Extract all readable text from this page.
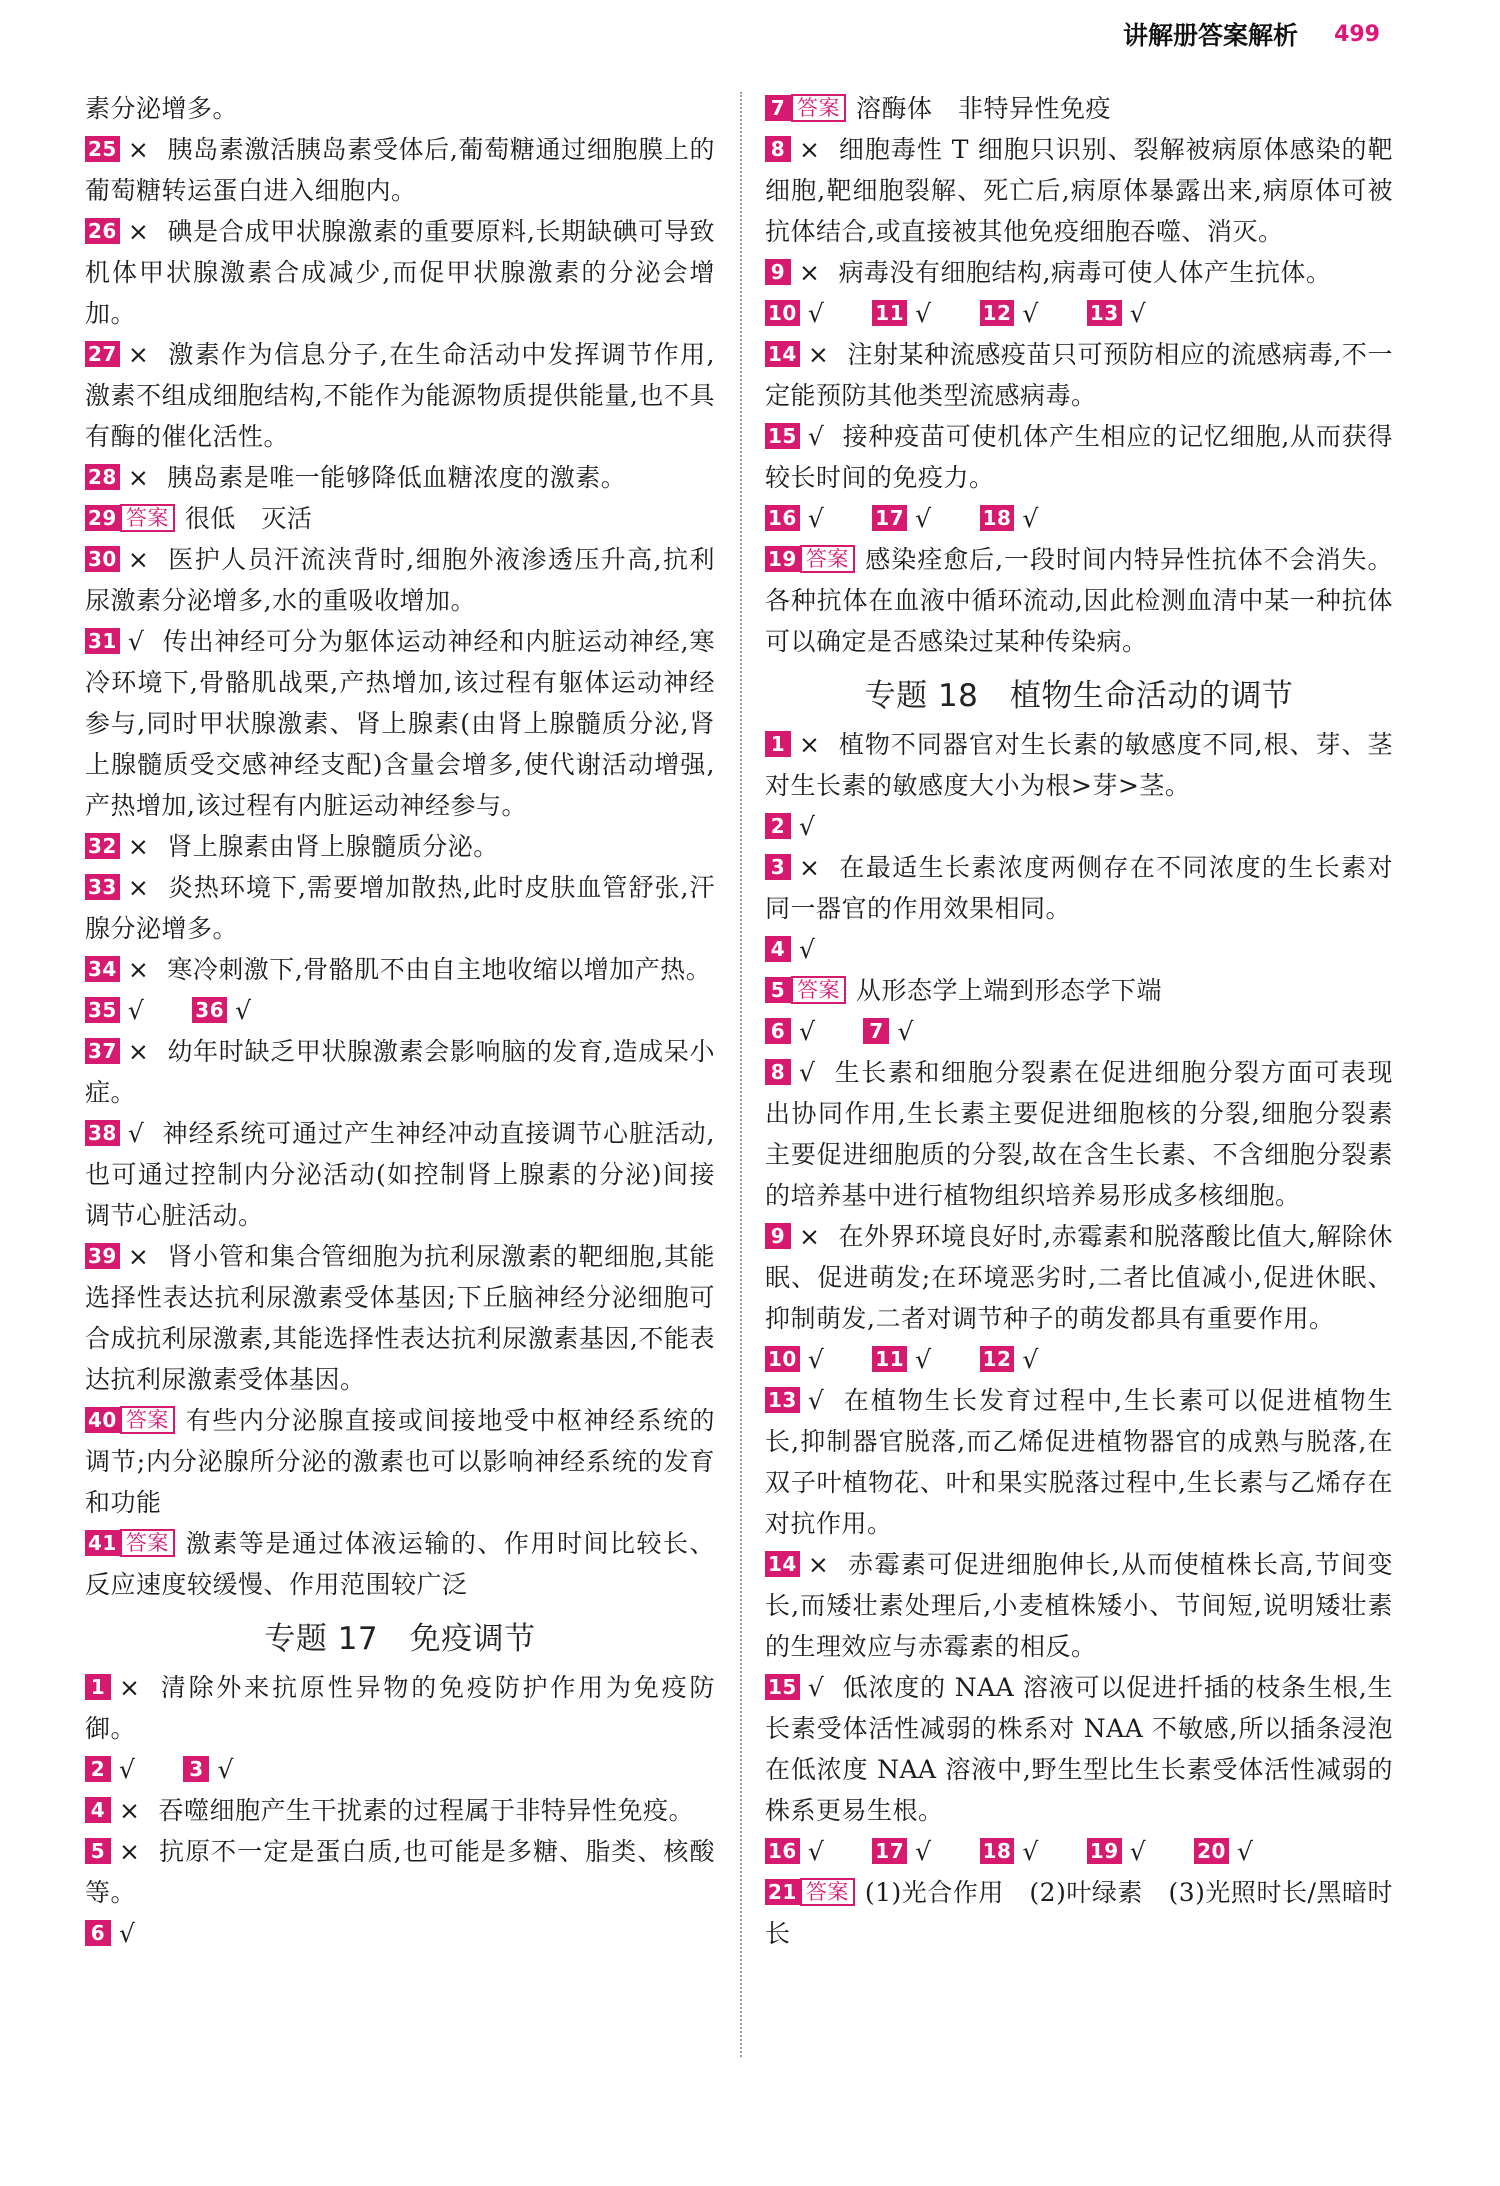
讲解册答案解析 499

素分泌增多。

25 × 胰岛素激活胰岛素受体后,葡萄糖通过细胞膜上的葡萄糖转运蛋白进入细胞内。

26 × 碘是合成甲状腺激素的重要原料,长期缺碘可导致机体甲状腺激素合成减少,而促甲状腺激素的分泌会增加。

27 × 激素作为信息分子,在生命活动中发挥调节作用,激素不组成细胞结构,不能作为能源物质提供能量,也不具有酶的催化活性。

28 × 胰岛素是唯一能够降低血糖浓度的激素。

29 答案 很低　灭活

30 × 医护人员汗流浃背时,细胞外液渗透压升高,抗利尿激素分泌增多,水的重吸收增加。

31 √ 传出神经可分为躯体运动神经和内脏运动神经,寒冷环境下,骨骼肌战栗,产热增加,该过程有躯体运动神经参与,同时甲状腺激素、肾上腺素(由肾上腺髓质分泌,肾上腺髓质受交感神经支配)含量会增多,使代谢活动增强,产热增加,该过程有内脏运动神经参与。

32 × 肾上腺素由肾上腺髓质分泌。

33 × 炎热环境下,需要增加散热,此时皮肤血管舒张,汗腺分泌增多。

34 × 寒冷刺激下,骨骼肌不由自主地收缩以增加产热。

35 √	36 √

37 × 幼年时缺乏甲状腺激素会影响脑的发育,造成呆小症。

38 √ 神经系统可通过产生神经冲动直接调节心脏活动,也可通过控制内分泌活动(如控制肾上腺素的分泌)间接调节心脏活动。

39 × 肾小管和集合管细胞为抗利尿激素的靶细胞,其能选择性表达抗利尿激素受体基因;下丘脑神经分泌细胞可合成抗利尿激素,其能选择性表达抗利尿激素基因,不能表达抗利尿激素受体基因。

40 答案 有些内分泌腺直接或间接地受中枢神经系统的调节;内分泌腺所分泌的激素也可以影响神经系统的发育和功能

41 答案 激素等是通过体液运输的、作用时间比较长、反应速度较缓慢、作用范围较广泛

专题 17　免疫调节

1 × 清除外来抗原性异物的免疫防护作用为免疫防御。

2 √	3 √

4 × 吞噬细胞产生干扰素的过程属于非特异性免疫。

5 × 抗原不一定是蛋白质,也可能是多糖、脂类、核酸等。

6 √

7 答案 溶酶体　非特异性免疫

8 × 细胞毒性 T 细胞只识别、裂解被病原体感染的靶细胞,靶细胞裂解、死亡后,病原体暴露出来,病原体可被抗体结合,或直接被其他免疫细胞吞噬、消灭。

9 × 病毒没有细胞结构,病毒可使人体产生抗体。

10 √	11 √	12 √	13 √

14 × 注射某种流感疫苗只可预防相应的流感病毒,不一定能预防其他类型流感病毒。

15 √ 接种疫苗可使机体产生相应的记忆细胞,从而获得较长时间的免疫力。

16 √	17 √	18 √

19 答案 感染痊愈后,一段时间内特异性抗体不会消失。各种抗体在血液中循环流动,因此检测血清中某一种抗体可以确定是否感染过某种传染病。

专题 18　植物生命活动的调节

1 × 植物不同器官对生长素的敏感度不同,根、芽、茎对生长素的敏感度大小为根>芽>茎。

2 √

3 × 在最适生长素浓度两侧存在不同浓度的生长素对同一器官的作用效果相同。

4 √

5 答案 从形态学上端到形态学下端

6 √	7 √

8 √ 生长素和细胞分裂素在促进细胞分裂方面可表现出协同作用,生长素主要促进细胞核的分裂,细胞分裂素主要促进细胞质的分裂,故在含生长素、不含细胞分裂素的培养基中进行植物组织培养易形成多核细胞。

9 × 在外界环境良好时,赤霉素和脱落酸比值大,解除休眠、促进萌发;在环境恶劣时,二者比值减小,促进休眠、抑制萌发,二者对调节种子的萌发都具有重要作用。

10 √	11 √	12 √

13 √ 在植物生长发育过程中,生长素可以促进植物生长,抑制器官脱落,而乙烯促进植物器官的成熟与脱落,在双子叶植物花、叶和果实脱落过程中,生长素与乙烯存在对抗作用。

14 × 赤霉素可促进细胞伸长,从而使植株长高,节间变长,而矮壮素处理后,小麦植株矮小、节间短,说明矮壮素的生理效应与赤霉素的相反。

15 √ 低浓度的 NAA 溶液可以促进扦插的枝条生根,生长素受体活性减弱的株系对 NAA 不敏感,所以插条浸泡在低浓度 NAA 溶液中,野生型比生长素受体活性减弱的株系更易生根。

16 √	17 √	18 √	19 √	20 √

21 答案 (1)光合作用　(2)叶绿素　(3)光照时长/黑暗时长
